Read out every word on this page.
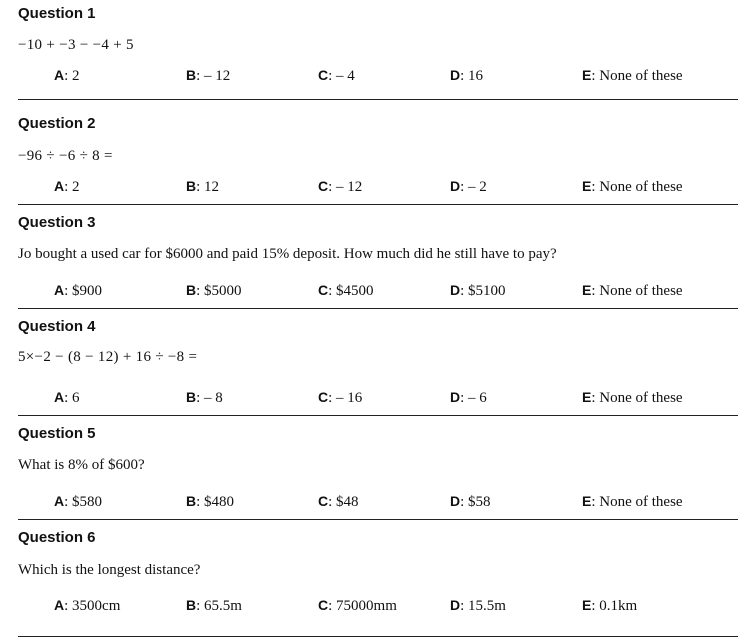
Question 1
−10 + −3 − −4 + 5
A: 2	B: – 12	C: – 4	D: 16	E: None of these
Question 2
−96 ÷ −6 ÷ 8 =
A: 2	B: 12	C: – 12	D: – 2	E: None of these
Question 3
Jo bought a used car for $6000 and paid 15% deposit. How much did he still have to pay?
A: $900	B: $5000	C: $4500	D: $5100	E: None of these
Question 4
5×−2 − (8 − 12) + 16 ÷ −8 =
A: 6	B: – 8	C: – 16	D: – 6	E: None of these
Question 5
What is 8% of $600?
A: $580	B: $480	C: $48	D: $58	E: None of these
Question 6
Which is the longest distance?
A: 3500cm	B: 65.5m	C: 75000mm	D: 15.5m	E: 0.1km
